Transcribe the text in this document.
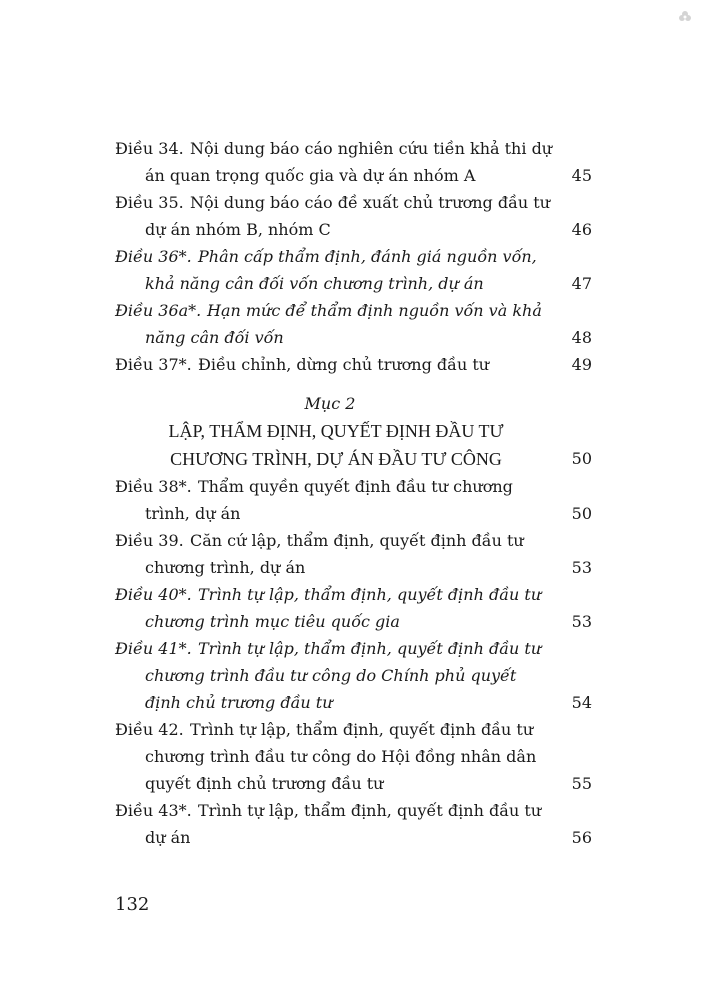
Điều 34. Nội dung báo cáo nghiên cứu tiền khả thi dự
án quan trọng quốc gia và dự án nhóm A	45
Điều 35. Nội dung báo cáo đề xuất chủ trương đầu tư
dự án nhóm B, nhóm C	46
Điều 36*. Phân cấp thẩm định, đánh giá nguồn vốn,
khả năng cân đối vốn chương trình, dự án	47
Điều 36a*. Hạn mức để thẩm định nguồn vốn và khả
năng cân đối vốn	48
Điều 37*. Điều chỉnh, dừng chủ trương đầu tư	49
Mục 2
LẬP, THẨM ĐỊNH, QUYẾT ĐỊNH ĐẦU TƯ
CHƯƠNG TRÌNH, DỰ ÁN ĐẦU TƯ CÔNG	50
Điều 38*. Thẩm quyền quyết định đầu tư chương
trình, dự án	50
Điều 39. Căn cứ lập, thẩm định, quyết định đầu tư
chương trình, dự án	53
Điều 40*. Trình tự lập, thẩm định, quyết định đầu tư
chương trình mục tiêu quốc gia	53
Điều 41*. Trình tự lập, thẩm định, quyết định đầu tư
chương trình đầu tư công do Chính phủ quyết
định chủ trương đầu tư	54
Điều 42. Trình tự lập, thẩm định, quyết định đầu tư
chương trình đầu tư công do Hội đồng nhân dân
quyết định chủ trương đầu tư	55
Điều 43*. Trình tự lập, thẩm định, quyết định đầu tư
dự án	56
132
